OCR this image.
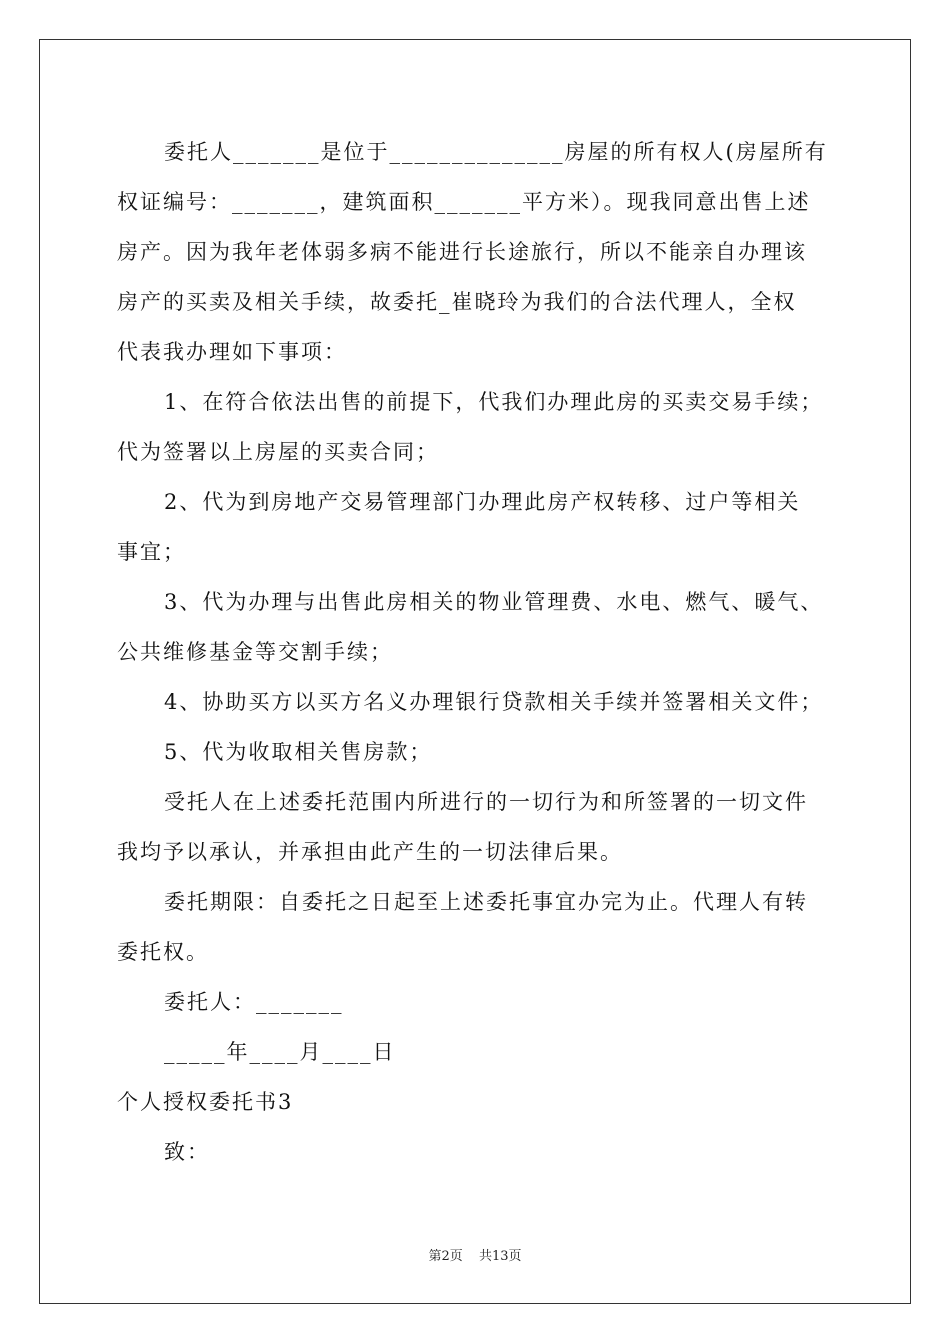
委托人_______是位于______________房屋的所有权人(房屋所有
权证编号：_______，建筑面积_______平方米）。现我同意出售上述
房产。因为我年老体弱多病不能进行长途旅行，所以不能亲自办理该
房产的买卖及相关手续，故委托_崔晓玲为我们的合法代理人，全权
代表我办理如下事项：
1、在符合依法出售的前提下，代我们办理此房的买卖交易手续；
代为签署以上房屋的买卖合同；
2、代为到房地产交易管理部门办理此房产权转移、过户等相关
事宜；
3、代为办理与出售此房相关的物业管理费、水电、燃气、暖气、
公共维修基金等交割手续；
4、协助买方以买方名义办理银行贷款相关手续并签署相关文件；
5、代为收取相关售房款；
受托人在上述委托范围内所进行的一切行为和所签署的一切文件
我均予以承认，并承担由此产生的一切法律后果。
委托期限：自委托之日起至上述委托事宜办完为止。代理人有转
委托权。
委托人：_______
_____年____月____日
个人授权委托书3
致：
第2页 共13页
